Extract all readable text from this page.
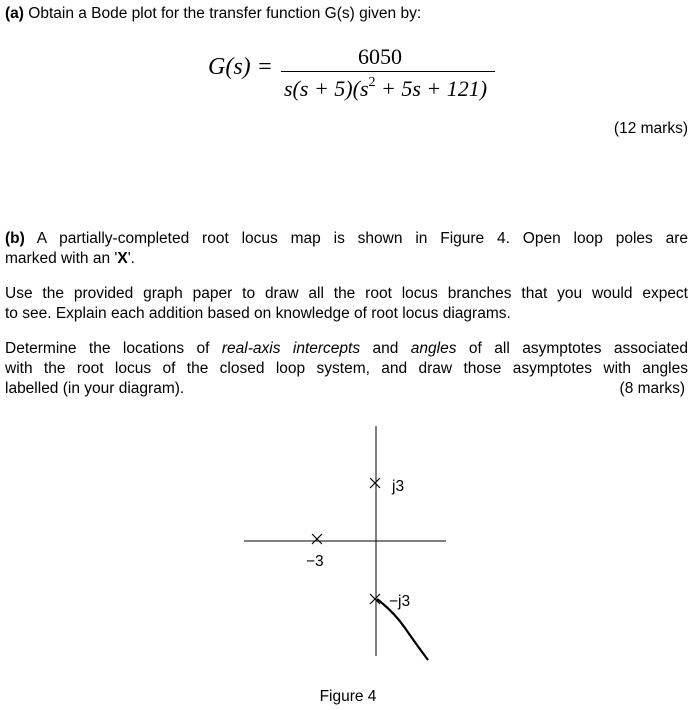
(a) Obtain a Bode plot for the transfer function G(s) given by:

G(s) =	6050
$s(s + 5)(s^2 + 5s + 121)$
(12 marks)
(b) A partially-completed root locus map is shown in Figure 4. Open loop poles are
marked with an 'X'.
Use the provided graph paper to draw all the root locus branches that you would expect
to see. Explain each addition based on knowledge of root locus diagrams.
Determine the locations of real-axis intercepts and angles of all asymptotes associated
with the root locus of the closed loop system, and draw those asymptotes with angles
labelled (in your diagram).	(8 marks)
j3
−3
−j3
Figure 4
